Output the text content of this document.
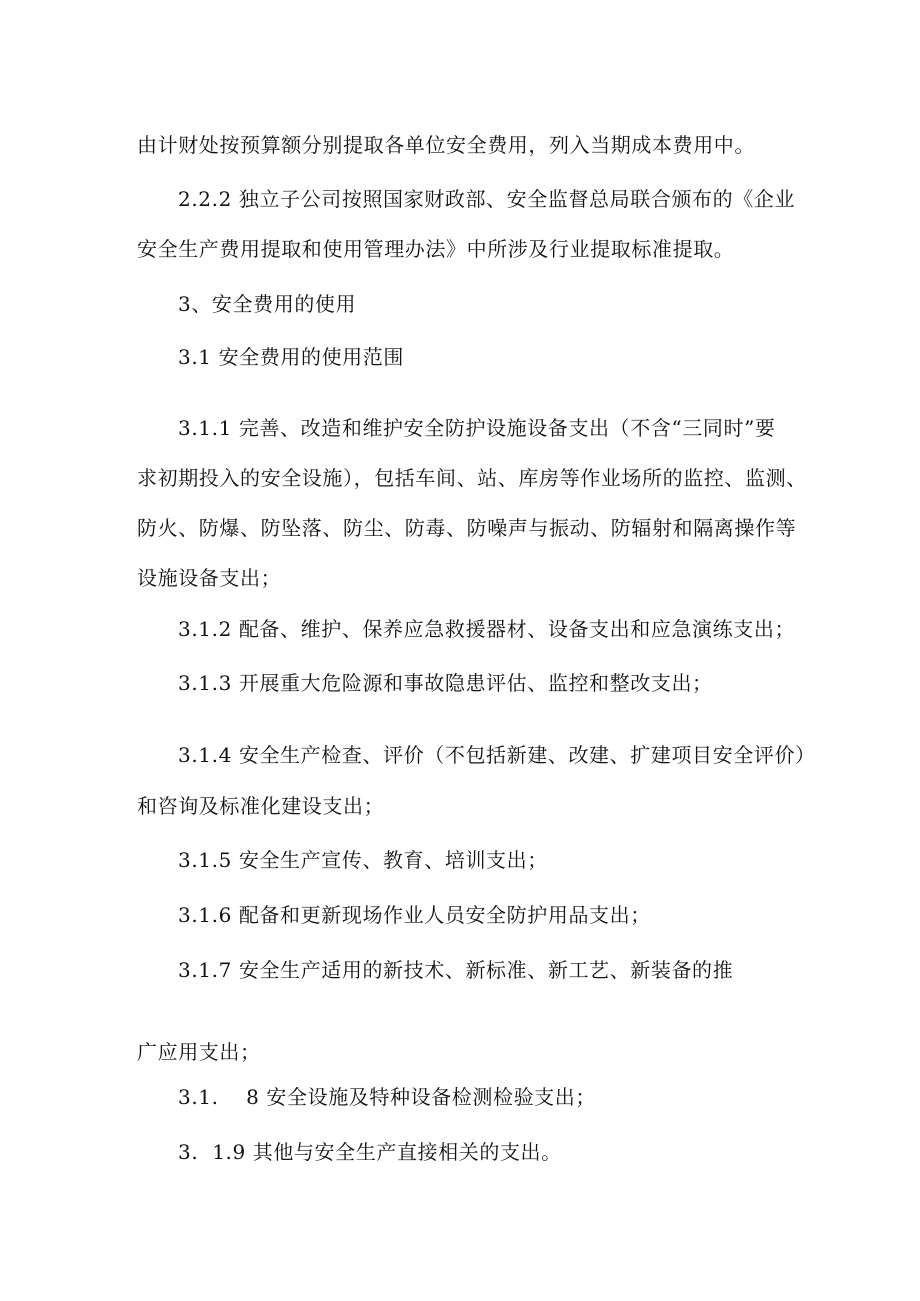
由计财处按预算额分别提取各单位安全费用，列入当期成本费用中。
2.2.2 独立子公司按照国家财政部、安全监督总局联合颁布的《企业
安全生产费用提取和使用管理办法》中所涉及行业提取标准提取。
3、安全费用的使用
3.1 安全费用的使用范围
3.1.1 完善、改造和维护安全防护设施设备支出（不含“三同时”要
求初期投入的安全设施），包括车间、站、库房等作业场所的监控、监测、
防火、防爆、防坠落、防尘、防毒、防噪声与振动、防辐射和隔离操作等
设施设备支出；
3.1.2 配备、维护、保养应急救援器材、设备支出和应急演练支出；
3.1.3 开展重大危险源和事故隐患评估、监控和整改支出；
3.1.4 安全生产检查、评价（不包括新建、改建、扩建项目安全评价）
和咨询及标准化建设支出；
3.1.5 安全生产宣传、教育、培训支出；
3.1.6 配备和更新现场作业人员安全防护用品支出；
3.1.7 安全生产适用的新技术、新标准、新工艺、新装备的推
广应用支出；
3.1.　 8 安全设施及特种设备检测检验支出；
3.  1.9 其他与安全生产直接相关的支出。
